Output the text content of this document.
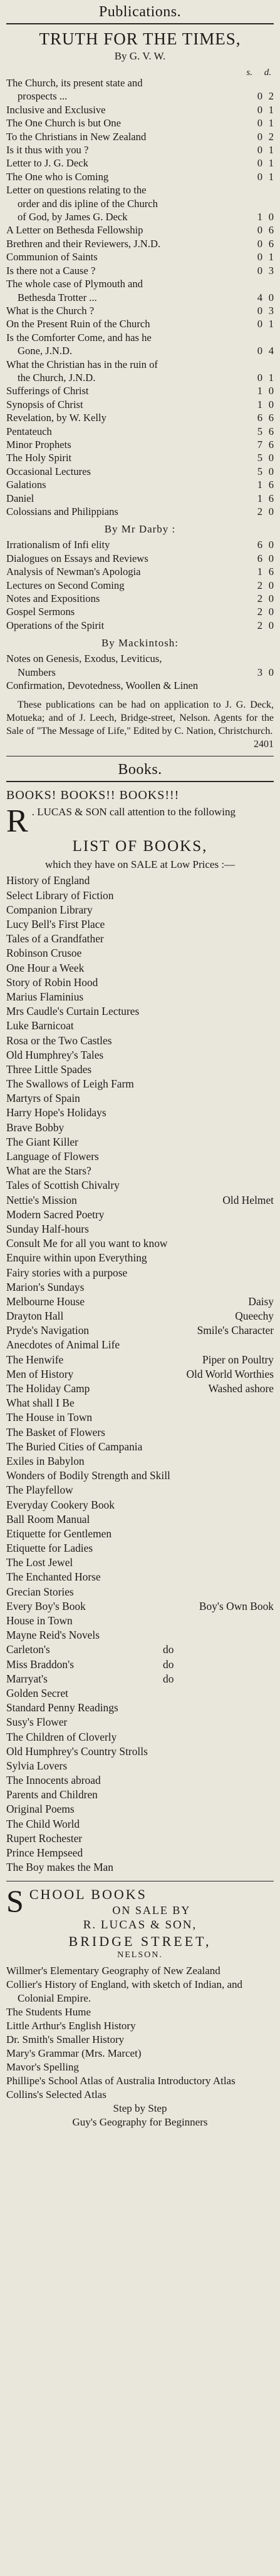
Publications.
TRUTH FOR THE TIMES,
By G. V. W.
s.	d.
The Church, its present state and
prospects ...	0 2
Inclusive and Exclusive	0 1
The One Church is but One	0 1
To the Christians in New Zealand	0 2
Is it thus with you ?	0 1
Letter to J. G. Deck	0 1
The One who is Coming	0 1
Letter on questions relating to the
order and dis ipline of the Church
of God, by James G. Deck	1 0
A Letter on Bethesda Fellowship	0 6
Brethren and their Reviewers, J.N.D.	0 6
Communion of Saints	0 1
Is there not a Cause ?	0 3
The whole case of Plymouth and
Bethesda Trotter ...	4 0
What is the Church ?	0 3
On the Present Ruin of the Church	0 1
Is the Comforter Come, and has he
Gone, J.N.D.	0 4
What the Christian has in the ruin of
the Church, J.N.D.	0 1
Sufferings of Christ	1 0
Synopsis of Christ	1 0
Revelation, by W. Kelly	6 6
Pentateuch	5 6
Minor Prophets	7 6
The Holy Spirit	5 0
Occasional Lectures	5 0
Galations	1 6
Daniel	1 6
Colossians and Philippians	2 0
By Mr Darby :
Irrationalism of Infi elity	6 0
Dialogues on Essays and Reviews	6 0
Analysis of Newman's Apologia	1 6
Lectures on Second Coming	2 0
Notes and Expositions	2 0
Gospel Sermons	2 0
Operations of the Spirit	2 0
By Mackintosh:
Notes on Genesis, Exodus, Leviticus,
Numbers	3 0
Confirmation, Devotedness, Woollen & Linen

These publications can be had on application to J. G. Deck, Motueka; and of J. Leech, Bridge-street, Nelson. Agents for the Sale of "The Message of Life," Edited by C. Nation, Christchurch.
2401

Books.
BOOKS! BOOKS!! BOOKS!!!
R . LUCAS & SON call attention to the following
LIST OF BOOKS,
which they have on SALE at Low Prices :—
History of England
Select Library of Fiction
Companion Library
Lucy Bell's First Place
Tales of a Grandfather
Robinson Crusoe
One Hour a Week
Story of Robin Hood
Marius Flaminius
Mrs Caudle's Curtain Lectures
Luke Barnicoat
Rosa or the Two Castles
Old Humphrey's Tales
Three Little Spades
The Swallows of Leigh Farm
Martyrs of Spain
Harry Hope's Holidays
Brave Bobby
The Giant Killer
Language of Flowers
What are the Stars?
Tales of Scottish Chivalry
Nettie's Mission	Old Helmet
Modern Sacred Poetry
Sunday Half-hours
Consult Me for all you want to know
Enquire within upon Everything
Fairy stories with a purpose
Marion's Sundays
Melbourne House	Daisy
Drayton Hall	Queechy
Pryde's Navigation	Smile's Character
Anecdotes of Animal Life
The Henwife	Piper on Poultry
Men of History	Old World Worthies
The Holiday Camp	Washed ashore
What shall I Be
The House in Town
The Basket of Flowers
The Buried Cities of Campania
Exiles in Babylon
Wonders of Bodily Strength and Skill
The Playfellow
Everyday Cookery Book
Ball Room Manual
Etiquette for Gentlemen
Etiquette for Ladies
The Lost Jewel
The Enchanted Horse
Grecian Stories
Every Boy's Book	Boy's Own Book
House in Town
Mayne Reid's Novels
Carleton's	do
Miss Braddon's	do
Marryat's	do
Golden Secret
Standard Penny Readings
Susy's Flower
The Children of Cloverly
Old Humphrey's Country Strolls
Sylvia Lovers
The Innocents abroad
Parents and Children
Original Poems
The Child World
Rupert Rochester
Prince Hempseed
The Boy makes the Man
S CHOOL BOOKS
ON SALE BY
R. LUCAS & SON,
BRIDGE STREET,
NELSON.
Willmer's Elementary Geography of New Zealand
Collier's History of England, with sketch of Indian, and Colonial Empire.
The Students Hume
Little Arthur's English History
Dr. Smith's Smaller History
Mary's Grammar (Mrs. Marcet)
Mavor's Spelling
Phillipe's School Atlas of Australia Introductory Atlas
Collins's Selected Atlas
Step by Step
Guy's Geography for Beginners
